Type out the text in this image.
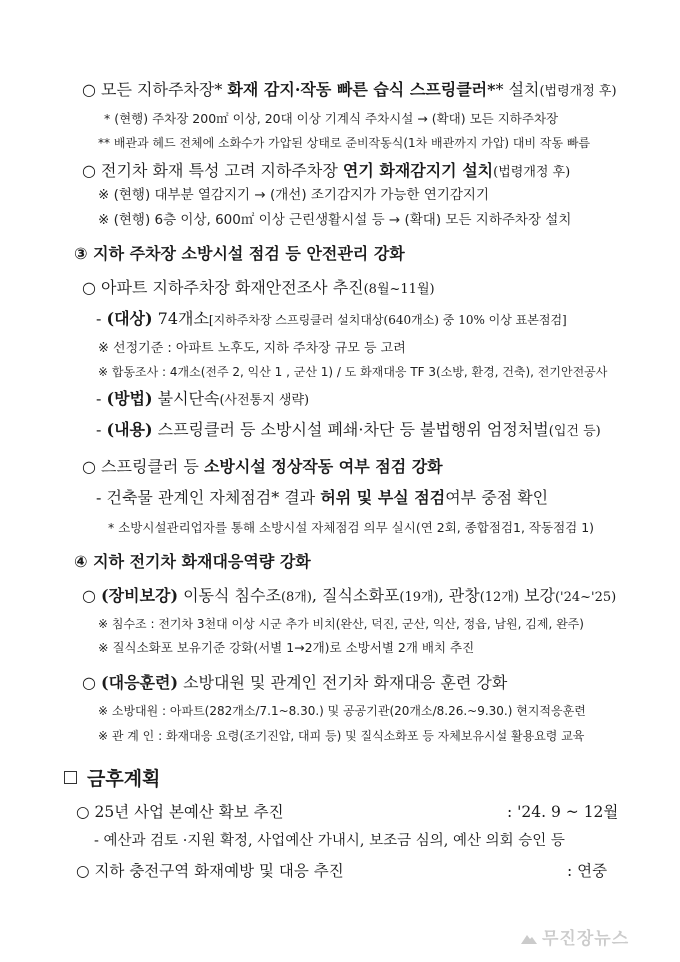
○ 모든 지하주차장* 화재 감지·작동 빠른 습식 스프링클러** 설치(법령개정 후)
* (현행) 주차장 200㎡ 이상, 20대 이상 기계식 주차시설 → (확대) 모든 지하주차장
** 배관과 헤드 전체에 소화수가 가압된 상태로 준비작동식(1차 배관까지 가압) 대비 작동 빠름
○ 전기차 화재 특성 고려 지하주차장 연기 화재감지기 설치(법령개정 후)
※ (현행) 대부분 열감지기 → (개선) 조기감지가 가능한 연기감지기
※ (현행) 6층 이상, 600㎡ 이상 근린생활시설 등 → (확대) 모든 지하주차장 설치
③ 지하 주차장 소방시설 점검 등 안전관리 강화
○ 아파트 지하주차장 화재안전조사 추진(8월~11월)
- (대상) 74개소[지하주차장 스프링클러 설치대상(640개소) 중 10% 이상 표본점검]
※ 선정기준 : 아파트 노후도, 지하 주차장 규모 등 고려
※ 합동조사 : 4개소(전주 2, 익산 1 , 군산 1) / 도 화재대응 TF 3(소방, 환경, 건축), 전기안전공사
- (방법) 불시단속(사전통지 생략)
- (내용) 스프링클러 등 소방시설 폐쇄·차단 등 불법행위 엄정처벌(입건 등)
○ 스프링클러 등 소방시설 정상작동 여부 점검 강화
- 건축물 관계인 자체점검* 결과 허위 및 부실 점검여부 중점 확인
* 소방시설관리업자를 통해 소방시설 자체점검 의무 실시(연 2회, 종합점검1, 작동점검 1)
④ 지하 전기차 화재대응역량 강화
○ (장비보강) 이동식 침수조(8개), 질식소화포(19개), 관창(12개) 보강('24~'25)
※ 침수조 : 전기차 3천대 이상 시군 추가 비치(완산, 덕진, 군산, 익산, 정읍, 남원, 김제, 완주)
※ 질식소화포 보유기준 강화(서별 1→2개)로 소방서별 2개 배치 추진
○ (대응훈련) 소방대원 및 관계인 전기차 화재대응 훈련 강화
※ 소방대원 : 아파트(282개소/7.1~8.30.) 및 공공기관(20개소/8.26.~9.30.) 현지적응훈련
※ 관 계 인 : 화재대응 요령(조기진압, 대피 등) 및 질식소화포 등 자체보유시설 활용요령 교육
금후계획
○ 25년 사업 본예산 확보 추진	: '24. 9 ~ 12월
- 예산과 검토 ·지원 확정, 사업예산 가내시, 보조금 심의, 예산 의회 승인 등
○ 지하 충전구역 화재예방 및 대응 추진	: 연중
무진장뉴스
